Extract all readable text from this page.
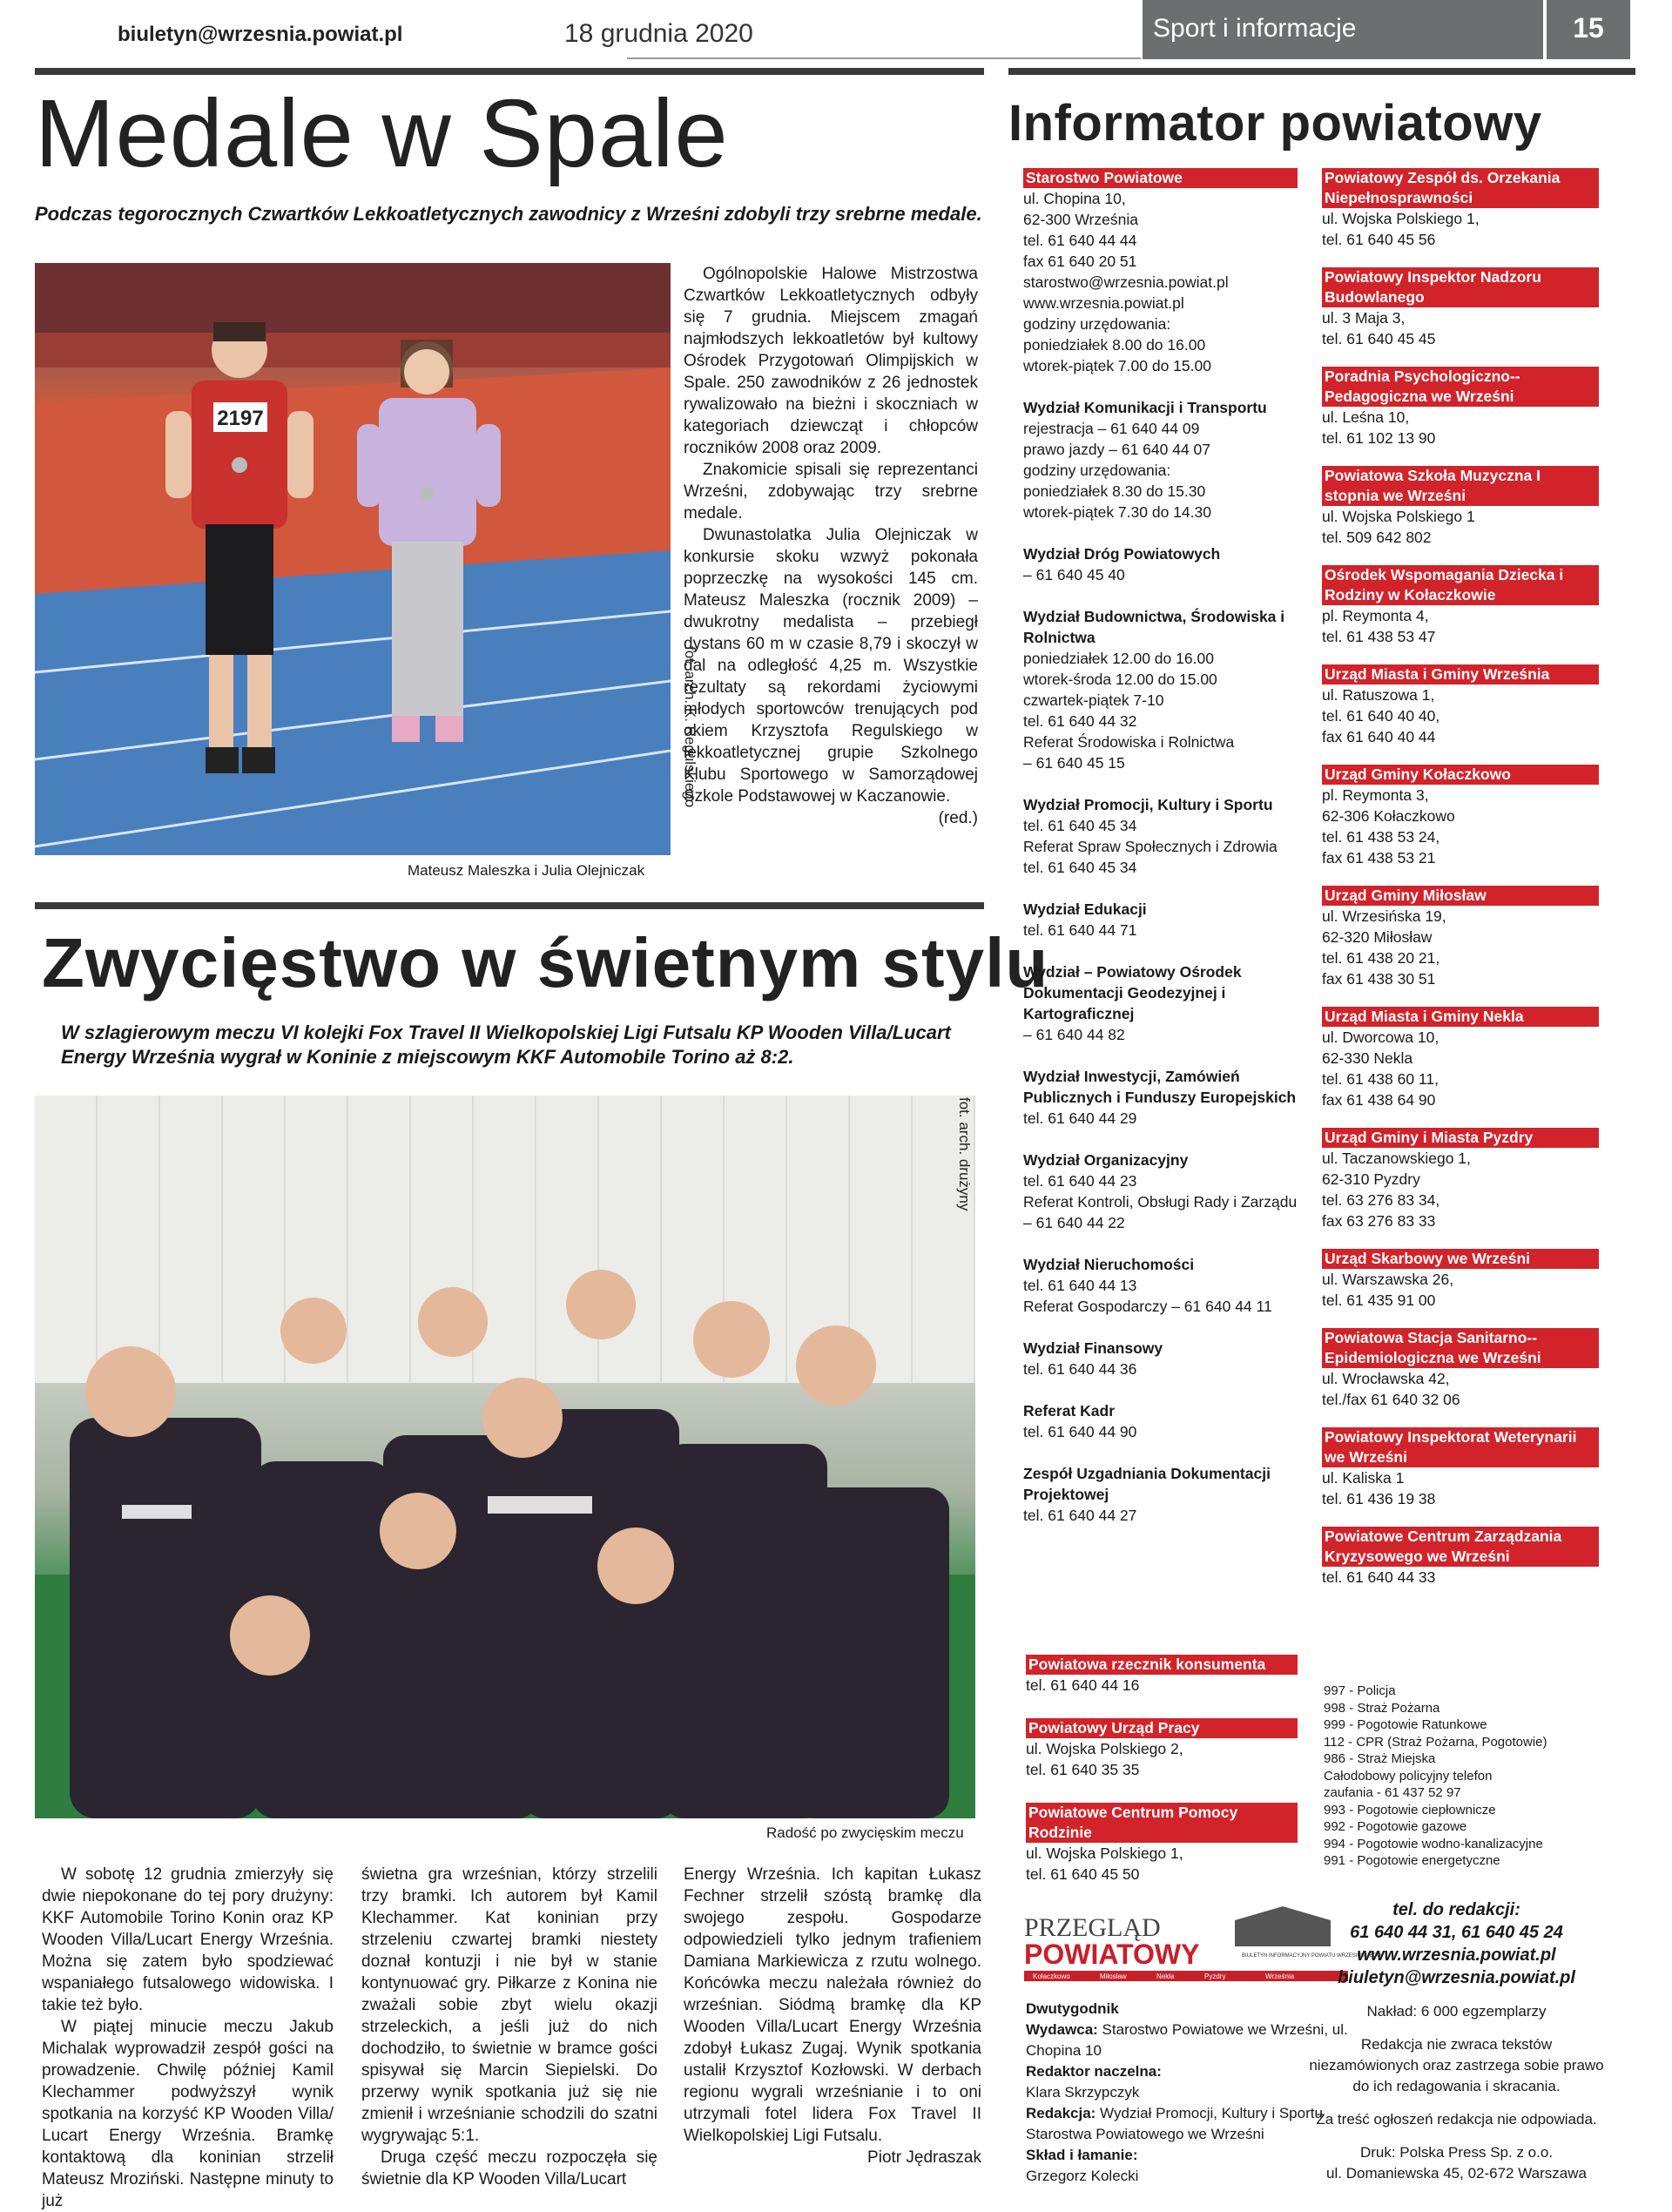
biuletyn@wrzesnia.powiat.pl	18 grudnia 2020	Sport i informacje	15
Medale w Spale
Podczas tegorocznych Czwartków Lekkoatletycznych zawodnicy z Wrześni zdobyli trzy srebrne medale.
2197
fot. arch. K. Regulskiego
Mateusz Maleszka i Julia Olejniczak

Ogólnopolskie Halowe Mistrzostwa Czwartków Lekkoatletycznych odbyły się 7 grudnia. Miejscem zmagań najmłodszych lekkoatletów był kultowy Ośrodek Przygotowań Olimpijskich w Spale. 250 zawodników z 26 jednostek rywalizowało na bieżni i skoczniach w kategoriach dziewcząt i chłopców roczników 2008 oraz 2009.

Znakomicie spisali się reprezentanci Wrześni, zdobywając trzy srebrne medale.

Dwunastolatka Julia Olejniczak w konkursie skoku wzwyż pokonała poprzeczkę na wysokości 145 cm. Mateusz Maleszka (rocznik 2009) – dwukrotny medalista – przebiegł dystans 60 m w czasie 8,79 i skoczył w dal na odległość 4,25 m. Wszystkie rezultaty są rekordami życiowymi młodych sportowców trenujących pod okiem Krzysztofa Regulskiego w lekkoatletycznej grupie Szkolnego Klubu Sportowego w Samorządowej Szkole Podstawowej w Kaczanowie.

(red.)

Zwycięstwo w świetnym stylu
W szlagierowym meczu VI kolejki Fox Travel II Wielkopolskiej Ligi Futsalu KP Wooden Villa/Lucart Energy Września wygrał w Koninie z miejscowym KKF Automobile Torino aż 8:2.
fot. arch. drużyny
Radość po zwycięskim meczu

W sobotę 12 grudnia zmierzyły się dwie niepokonane do tej pory drużyny: KKF Automobile Torino Konin oraz KP Wooden Villa/Lucart Energy Września. Można się zatem było spodziewać wspaniałego futsalowego widowiska. I takie też było.

W piątej minucie meczu Jakub Michalak wyprowadził zespół gości na prowadzenie. Chwilę później Kamil Klechammer podwyższył wynik spotkania na korzyść KP Wooden Villa/ Lucart Energy Września. Bramkę kontaktową dla koninian strzelił Mateusz Mroziński. Następne minuty to już

świetna gra wrześnian, którzy strzelili trzy bramki. Ich autorem był Kamil Klechammer. Kat koninian przy strzeleniu czwartej bramki niestety doznał kontuzji i nie był w stanie kontynuować gry. Piłkarze z Konina nie zważali sobie zbyt wielu okazji strzeleckich, a jeśli już do nich dochodziło, to świetnie w bramce gości spisywał się Marcin Siepielski. Do przerwy wynik spotkania już się nie zmienił i wrześnianie schodzili do szatni wygrywając 5:1.

Druga część meczu rozpoczęła się świetnie dla KP Wooden Villa/Lucart

Energy Września. Ich kapitan Łukasz Fechner strzelił szóstą bramkę dla swojego zespołu. Gospodarze odpowiedzieli tylko jednym trafieniem Damiana Markiewicza z rzutu wolnego. Końcówka meczu należała również do wrześnian. Siódmą bramkę dla KP Wooden Villa/Lucart Energy Września zdobył Łukasz Zugaj. Wynik spotkania ustalił Krzysztof Kozłowski. W derbach regionu wygrali wrześnianie i to oni utrzymali fotel lidera Fox Travel II Wielkopolskiej Ligi Futsalu.

Piotr Jędraszak

Informator powiatowy
Starostwo Powiatowe
ul. Chopina 10,
62-300 Września
tel. 61 640 44 44
fax 61 640 20 51
starostwo@wrzesnia.powiat.pl
www.wrzesnia.powiat.pl
godziny urzędowania:
poniedziałek 8.00 do 16.00
wtorek-piątek 7.00 do 15.00
Wydział Komunikacji i Transportu
rejestracja – 61 640 44 09
prawo jazdy – 61 640 44 07
godziny urzędowania:
poniedziałek 8.30 do 15.30
wtorek-piątek 7.30 do 14.30
Wydział Dróg Powiatowych
– 61 640 45 40
Wydział Budownictwa, Środowiska i Rolnictwa
poniedziałek 12.00 do 16.00
wtorek-środa 12.00 do 15.00
czwartek-piątek 7-10
tel. 61 640 44 32
Referat Środowiska i Rolnictwa
– 61 640 45 15
Wydział Promocji, Kultury i Sportu
tel. 61 640 45 34
Referat Spraw Społecznych i Zdrowia
tel. 61 640 45 34
Wydział Edukacji
tel. 61 640 44 71
Wydział – Powiatowy Ośrodek Dokumentacji Geodezyjnej i Kartograficznej
– 61 640 44 82
Wydział Inwestycji, Zamówień Publicznych i Funduszy Europejskich
tel. 61 640 44 29
Wydział Organizacyjny
tel. 61 640 44 23
Referat Kontroli, Obsługi Rady i Zarządu – 61 640 44 22
Wydział Nieruchomości
tel. 61 640 44 13
Referat Gospodarczy – 61 640 44 11
Wydział Finansowy
tel. 61 640 44 36
Referat Kadr
tel. 61 640 44 90
Zespół Uzgadniania Dokumentacji Projektowej
tel. 61 640 44 27
Powiatowa rzecznik konsumenta
tel. 61 640 44 16
Powiatowy Urząd Pracy
ul. Wojska Polskiego 2,
tel. 61 640 35 35
Powiatowe Centrum Pomocy Rodzinie
ul. Wojska Polskiego 1,
tel. 61 640 45 50
Powiatowy Zespół ds. Orzekania Niepełnosprawności
ul. Wojska Polskiego 1,
tel. 61 640 45 56
Powiatowy Inspektor Nadzoru Budowlanego
ul. 3 Maja 3,
tel. 61 640 45 45
Poradnia Psychologiczno--Pedagogiczna we Wrześni
ul. Leśna 10,
tel. 61 102 13 90
Powiatowa Szkoła Muzyczna I stopnia we Wrześni
ul. Wojska Polskiego 1
tel. 509 642 802
Ośrodek Wspomagania Dziecka i Rodziny w Kołaczkowie
pl. Reymonta 4,
tel. 61 438 53 47
Urząd Miasta i Gminy Września
ul. Ratuszowa 1,
tel. 61 640 40 40,
fax 61 640 40 44
Urząd Gminy Kołaczkowo
pl. Reymonta 3,
62-306 Kołaczkowo
tel. 61 438 53 24,
fax 61 438 53 21
Urząd Gminy Miłosław
ul. Wrzesińska 19,
62-320 Miłosław
tel. 61 438 20 21,
fax 61 438 30 51
Urząd Miasta i Gminy Nekla
ul. Dworcowa 10,
62-330 Nekla
tel. 61 438 60 11,
fax 61 438 64 90
Urząd Gminy i Miasta Pyzdry
ul. Taczanowskiego 1,
62-310 Pyzdry
tel. 63 276 83 34,
fax 63 276 83 33
Urząd Skarbowy we Wrześni
ul. Warszawska 26,
tel. 61 435 91 00
Powiatowa Stacja Sanitarno--Epidemiologiczna we Wrześni
ul. Wrocławska 42,
tel./fax 61 640 32 06
Powiatowy Inspektorat Weterynarii we Wrześni
ul. Kaliska 1
tel. 61 436 19 38
Powiatowe Centrum Zarządzania Kryzysowego we Wrześni
tel. 61 640 44 33
997 - Policja
998 - Straż Pożarna
999 - Pogotowie Ratunkowe
112 - CPR (Straż Pożarna, Pogotowie)
986 - Straż Miejska
Całodobowy policyjny telefon
zaufania - 61 437 52 97
993 - Pogotowie ciepłownicze
992 - Pogotowie gazowe
994 - Pogotowie wodno-kanalizacyjne
991 - Pogotowie energetyczne
PRZEGLĄD
POWIATOWY
Kołaczkowo	Miłosław	Nekla	Pyzdry	Września
BIULETYN INFORMACYJNY POWIATU WRZESIŃSKIEGO
Dwutygodnik
Wydawca: Starostwo Powiatowe we Wrześni, ul. Chopina 10
Redaktor naczelna:
Klara Skrzypczyk
Redakcja: Wydział Promocji, Kultury i Sportu Starostwa Powiatowego we Wrześni
Skład i łamanie:
Grzegorz Kolecki
tel. do redakcji:
61 640 44 31, 61 640 45 24
www.wrzesnia.powiat.pl
biuletyn@wrzesnia.powiat.pl
Nakład: 6 000 egzemplarzy
Redakcja nie zwraca tekstów niezamówionych oraz zastrzega sobie prawo do ich redagowania i skracania.
Za treść ogłoszeń redakcja nie odpowiada.
Druk: Polska Press Sp. z o.o.
ul. Domaniewska 45, 02-672 Warszawa
